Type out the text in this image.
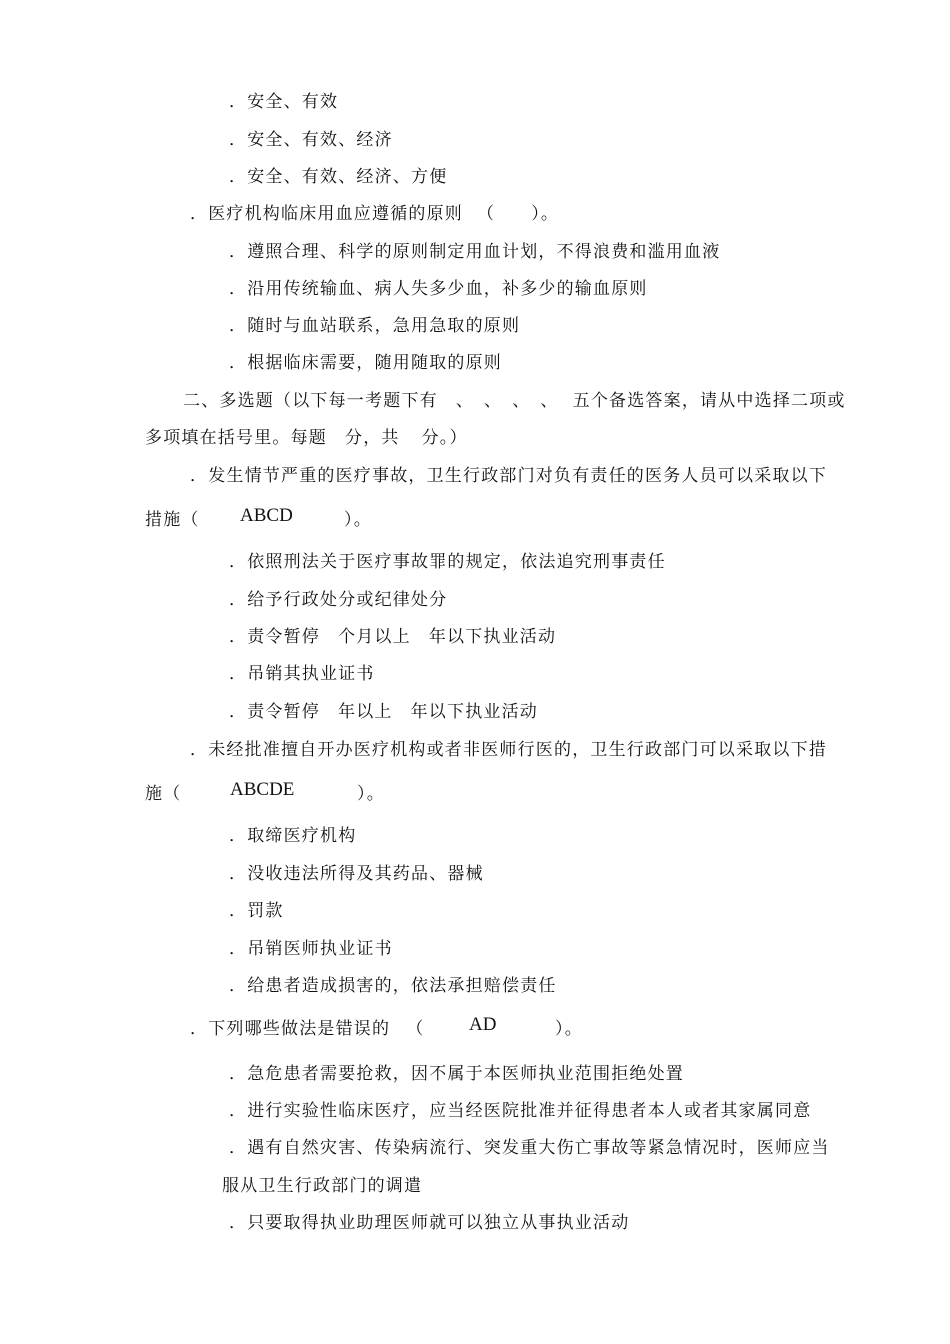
．安全、有效
．安全、有效、经济
．安全、有效、经济、方便
．医疗机构临床用血应遵循的原则 （ ）。
．遵照合理、科学的原则制定用血计划，不得浪费和滥用血液
．沿用传统输血、病人失多少血，补多少的输血原则
．随时与血站联系，急用急取的原则
．根据临床需要，随用随取的原则
二、多选题（以下每一考题下有 、 、 、 、 五个备选答案，请从中选择二项或
多项填在括号里。每题 分，共 分。）
．发生情节严重的医疗事故，卫生行政部门对负有责任的医务人员可以采取以下
措施（ ABCD	）。
．依照刑法关于医疗事故罪的规定，依法追究刑事责任
．给予行政处分或纪律处分
．责令暂停 个月以上 年以下执业活动
．吊销其执业证书
．责令暂停 年以上 年以下执业活动
．未经批准擅自开办医疗机构或者非医师行医的，卫生行政部门可以采取以下措
施（	ABCDE	）。
．取缔医疗机构
．没收违法所得及其药品、器械
．罚款
．吊销医师执业证书
．给患者造成损害的，依法承担赔偿责任
．下列哪些做法是错误的 （ AD	）。
．急危患者需要抢救，因不属于本医师执业范围拒绝处置
．进行实验性临床医疗，应当经医院批准并征得患者本人或者其家属同意
．遇有自然灾害、传染病流行、突发重大伤亡事故等紧急情况时，医师应当
服从卫生行政部门的调遣
．只要取得执业助理医师就可以独立从事执业活动
